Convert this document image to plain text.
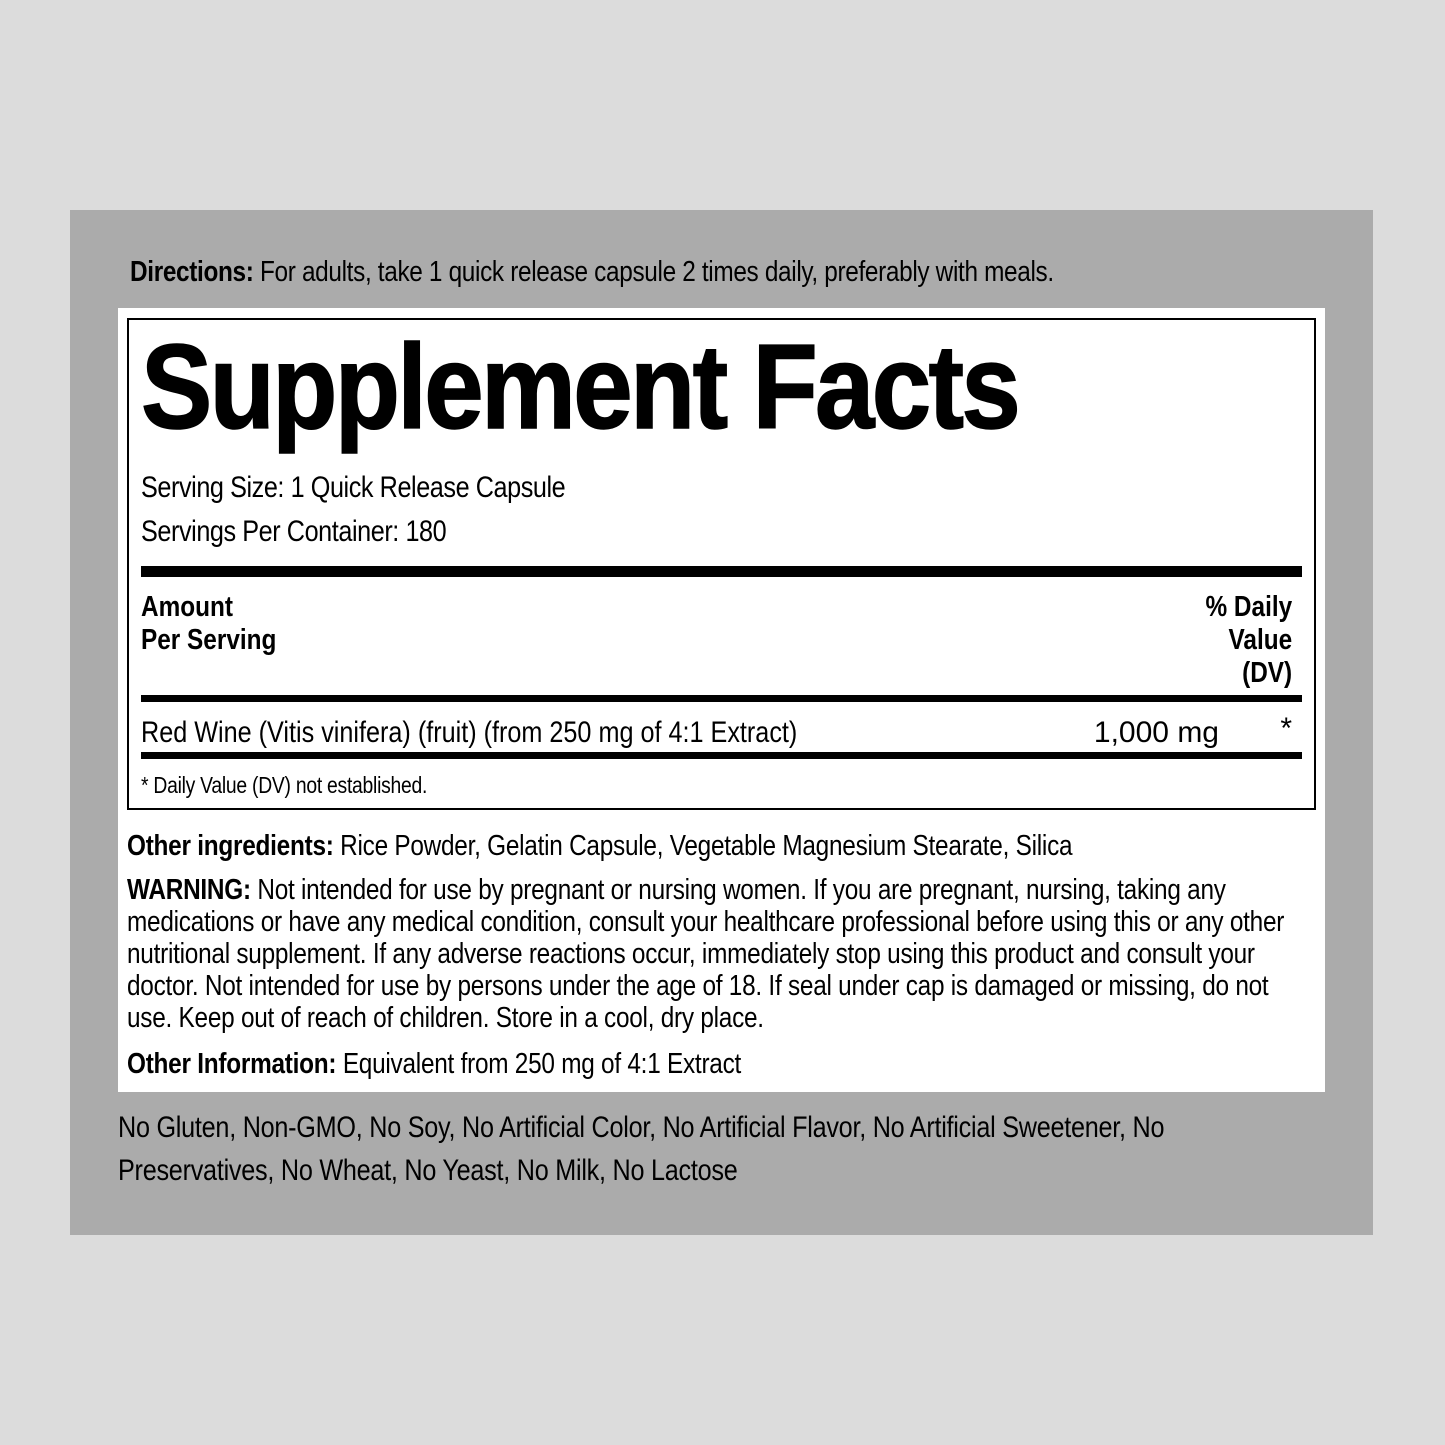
Directions: For adults, take 1 quick release capsule 2 times daily, preferably with meals.
Supplement Facts
Serving Size: 1 Quick Release Capsule
Servings Per Container: 180
Amount
Per Serving
% Daily
Value
(DV)
Red Wine (Vitis vinifera) (fruit) (from 250 mg of 4:1 Extract)	1,000 mg *
* Daily Value (DV) not established.
Other ingredients: Rice Powder, Gelatin Capsule, Vegetable Magnesium Stearate, Silica
WARNING: Not intended for use by pregnant or nursing women. If you are pregnant, nursing, taking any medications or have any medical condition, consult your healthcare professional before using this or any other nutritional supplement. If any adverse reactions occur, immediately stop using this product and consult your doctor. Not intended for use by persons under the age of 18. If seal under cap is damaged or missing, do not use. Keep out of reach of children. Store in a cool, dry place.
Other Information: Equivalent from 250 mg of 4:1 Extract
No Gluten, Non-GMO, No Soy, No Artificial Color, No Artificial Flavor, No Artificial Sweetener, No Preservatives, No Wheat, No Yeast, No Milk, No Lactose
